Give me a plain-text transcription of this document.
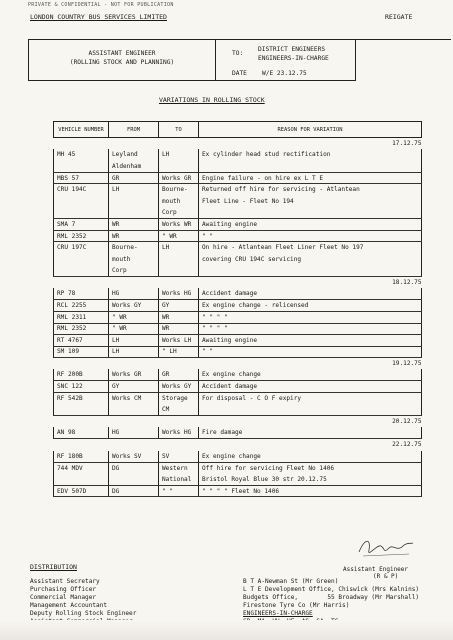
PRIVATE & CONFIDENTIAL - NOT FOR PUBLICATION
LONDON COUNTRY BUS SERVICES LIMITED	REIGATE
ASSISTANT ENGINEER
(ROLLING STOCK AND PLANNING)
TO:
DISTRICT ENGINEERS
ENGINEERS-IN-CHARGE
DATE W/E 23.12.75
VARIATIONS IN ROLLING STOCK
VEHICLE NUMBER	FROM	TO	REASON FOR VARIATION
17.12.75			
MH 45	Leyland	LH	Ex cylinder head stud rectification
	Aldenham		
MBS 57	GR	Works GR	Engine failure - on hire ex L T E
CRU 194C	LH	Bourne-	Returned off hire for servicing - Atlantean
		mouth	Fleet Line - Fleet No 194
		Corp	
SMA 7	WR	Works WR	Awaiting engine
RML 2352	WR	" WR	" "
CRU 197C	Bourne-	LH	On hire - Atlantean Fleet Liner Fleet No 197
	mouth		covering CRU 194C servicing
	Corp		
18.12.75			
RP 78	HG	Works HG	Accident damage
RCL 2255	Works GY	GY	Ex engine change - relicensed
RML 2311	" WR	WR	" " " "
RML 2352	" WR	WR	" " " "
RT 4767	LH	Works LH	Awaiting engine
SM 109	LH	" LH	" "
19.12.75			
RF 200B	Works GR	GR	Ex engine change
SNC 122	GY	Works GY	Accident damage
RF 542B	Works CM	Storage	For disposal - C O F expiry
		CM	
20.12.75			
AN 98	HG	Works HG	Fire damage
22.12.75			
RF 180B	Works SV	SV	Ex engine change
744 MDV	DG	Western	Off hire for servicing Fleet No 1406
		National	Bristol Royal Blue 30 str 20.12.75
EDV 507D	DG	" "	" " " " Fleet No 1406
Assistant Engineer
(R & P)
DISTRIBUTION
Assistant Secretary
Purchasing Officer
Commercial Manager
Management Accountant
Deputy Rolling Stock Engineer
B T A-Newman St (Mr Green)
L T E Development Office, Chiswick (Mrs Kalnins)
Budgets Office,        55 Broadway (Mr Marshall)
Firestone Tyre Co (Mr Harris)
ENGINEERS-IN-CHARGE
